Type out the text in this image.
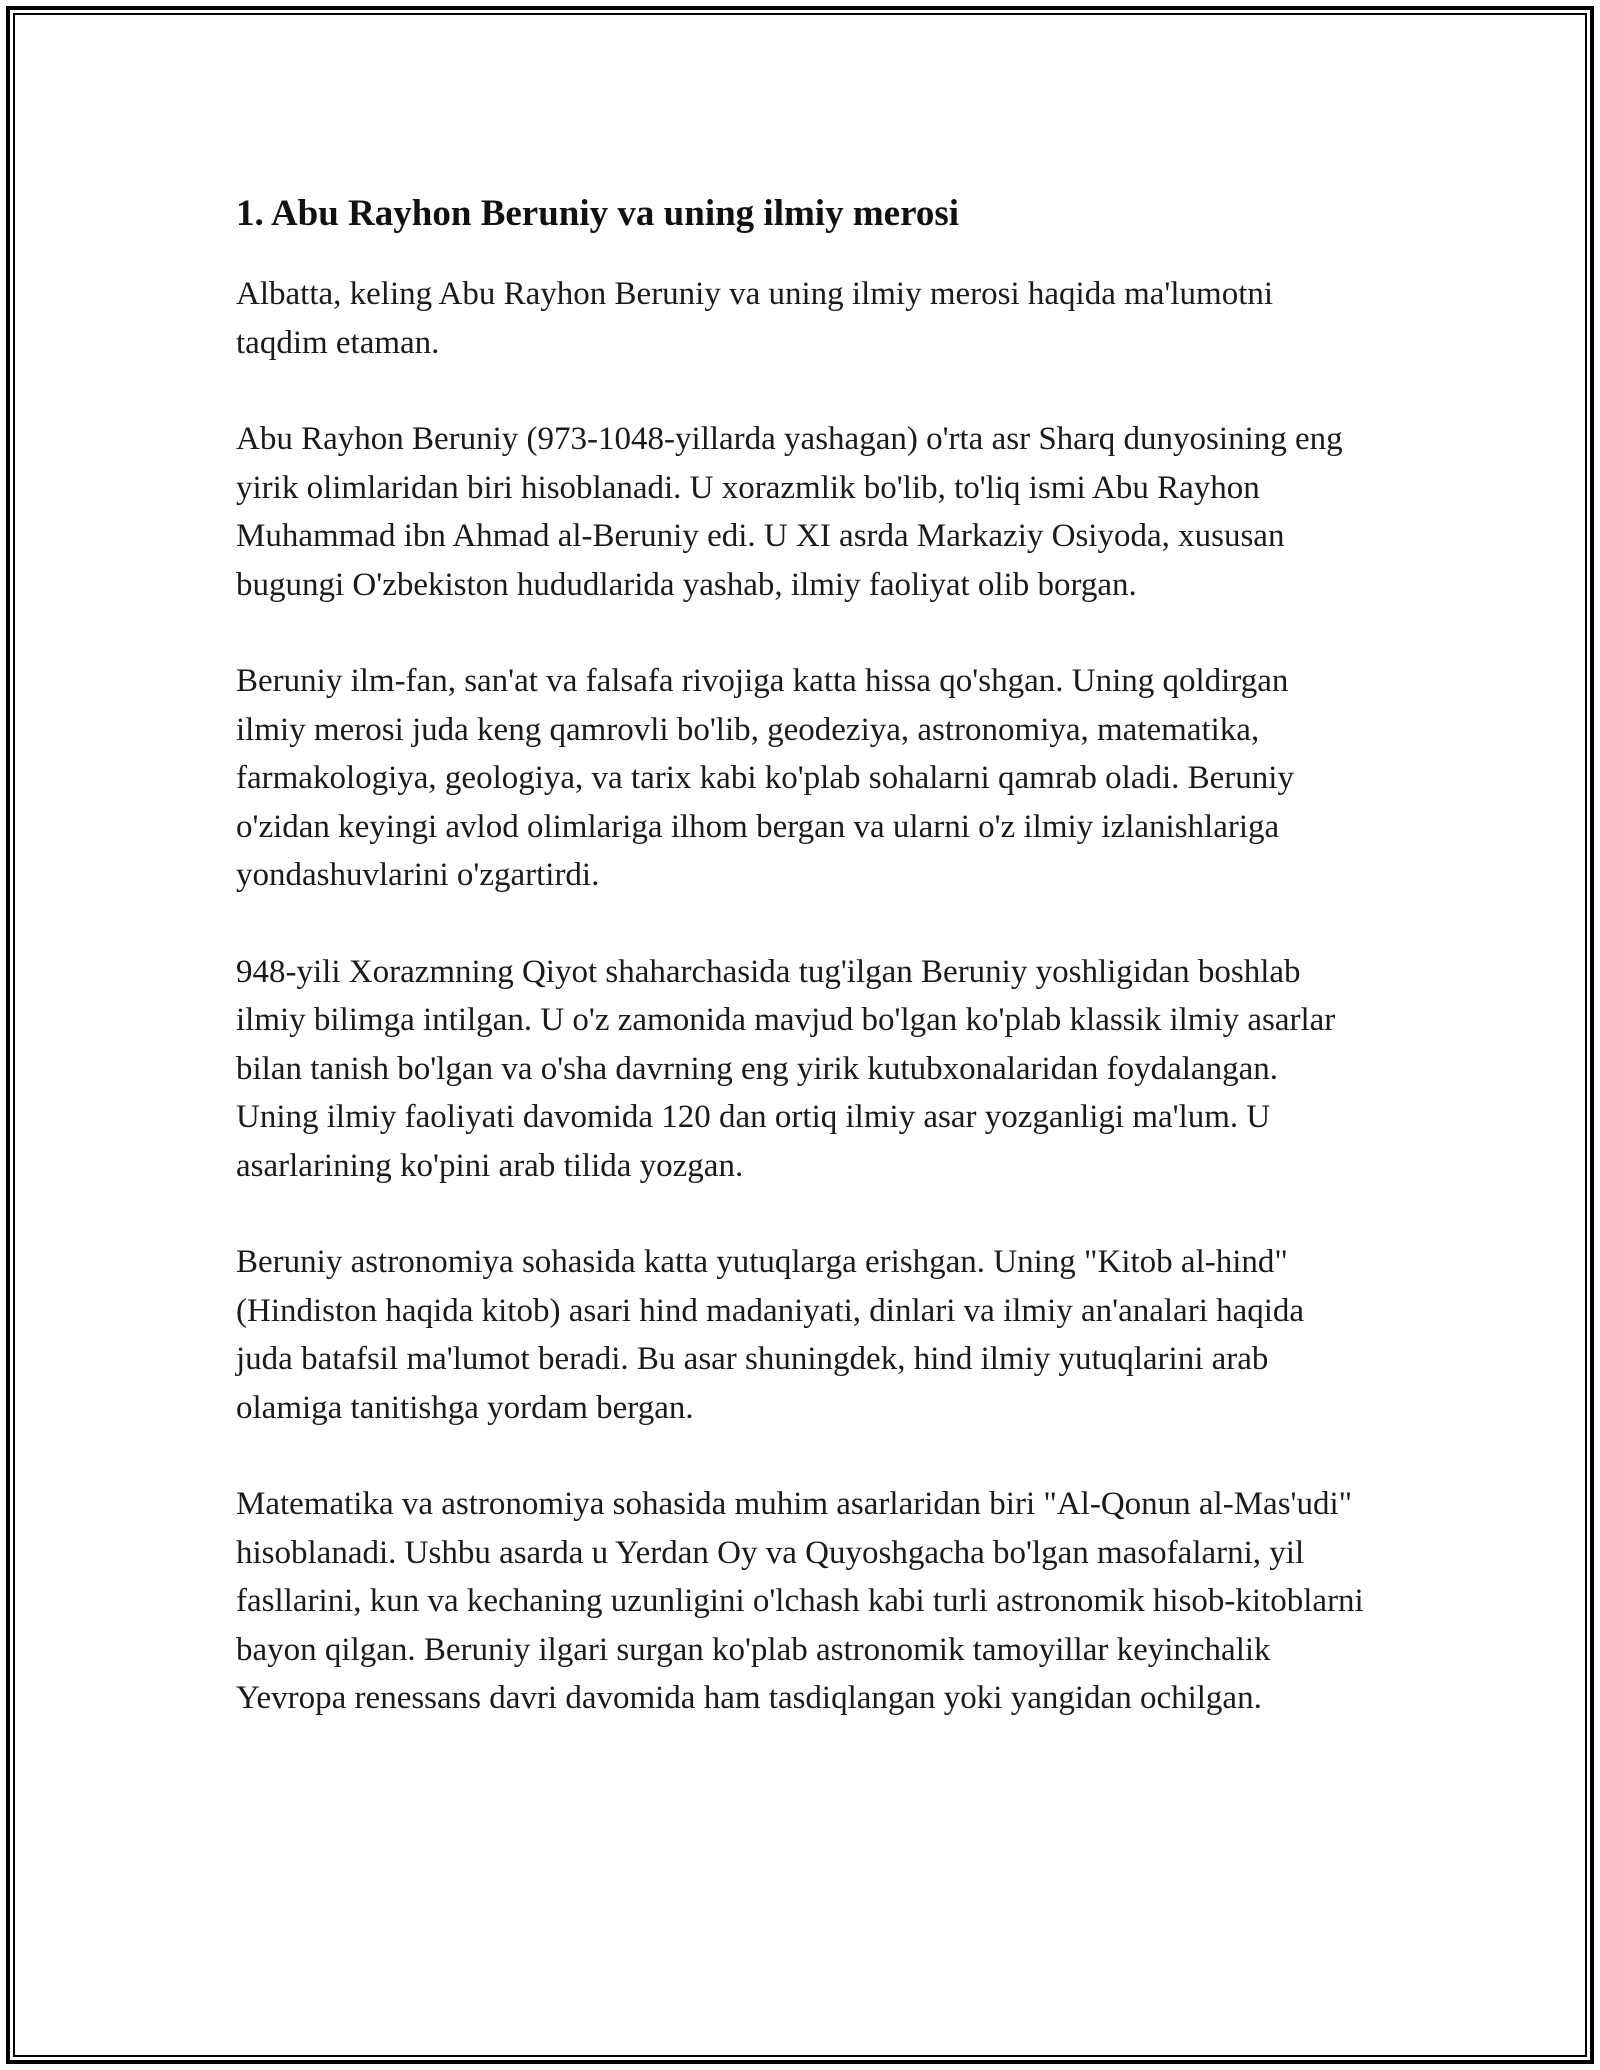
1. Abu Rayhon Beruniy va uning ilmiy merosi

Albatta, keling Abu Rayhon Beruniy va uning ilmiy merosi haqida ma'lumotni taqdim etaman.

Abu Rayhon Beruniy (973-1048-yillarda yashagan) o'rta asr Sharq dunyosining eng yirik olimlaridan biri hisoblanadi. U xorazmlik bo'lib, to'liq ismi Abu Rayhon Muhammad ibn Ahmad al-Beruniy edi. U XI asrda Markaziy Osiyoda, xususan bugungi O'zbekiston hududlarida yashab, ilmiy faoliyat olib borgan.

Beruniy ilm-fan, san'at va falsafa rivojiga katta hissa qo'shgan. Uning qoldirgan ilmiy merosi juda keng qamrovli bo'lib, geodeziya, astronomiya, matematika, farmakologiya, geologiya, va tarix kabi ko'plab sohalarni qamrab oladi. Beruniy o'zidan keyingi avlod olimlariga ilhom bergan va ularni o'z ilmiy izlanishlariga yondashuvlarini o'zgartirdi.

948-yili Xorazmning Qiyot shaharchasida tug'ilgan Beruniy yoshligidan boshlab ilmiy bilimga intilgan. U o'z zamonida mavjud bo'lgan ko'plab klassik ilmiy asarlar bilan tanish bo'lgan va o'sha davrning eng yirik kutubxonalaridan foydalangan. Uning ilmiy faoliyati davomida 120 dan ortiq ilmiy asar yozganligi ma'lum. U asarlarining ko'pini arab tilida yozgan.

Beruniy astronomiya sohasida katta yutuqlarga erishgan. Uning "Kitob al-hind" (Hindiston haqida kitob) asari hind madaniyati, dinlari va ilmiy an'analari haqida juda batafsil ma'lumot beradi. Bu asar shuningdek, hind ilmiy yutuqlarini arab olamiga tanitishga yordam bergan.

Matematika va astronomiya sohasida muhim asarlaridan biri "Al-Qonun al-Mas'udi" hisoblanadi. Ushbu asarda u Yerdan Oy va Quyoshgacha bo'lgan masofalarni, yil fasllarini, kun va kechaning uzunligini o'lchash kabi turli astronomik hisob-kitoblarni bayon qilgan. Beruniy ilgari surgan ko'plab astronomik tamoyillar keyinchalik Yevropa renessans davri davomida ham tasdiqlangan yoki yangidan ochilgan.
